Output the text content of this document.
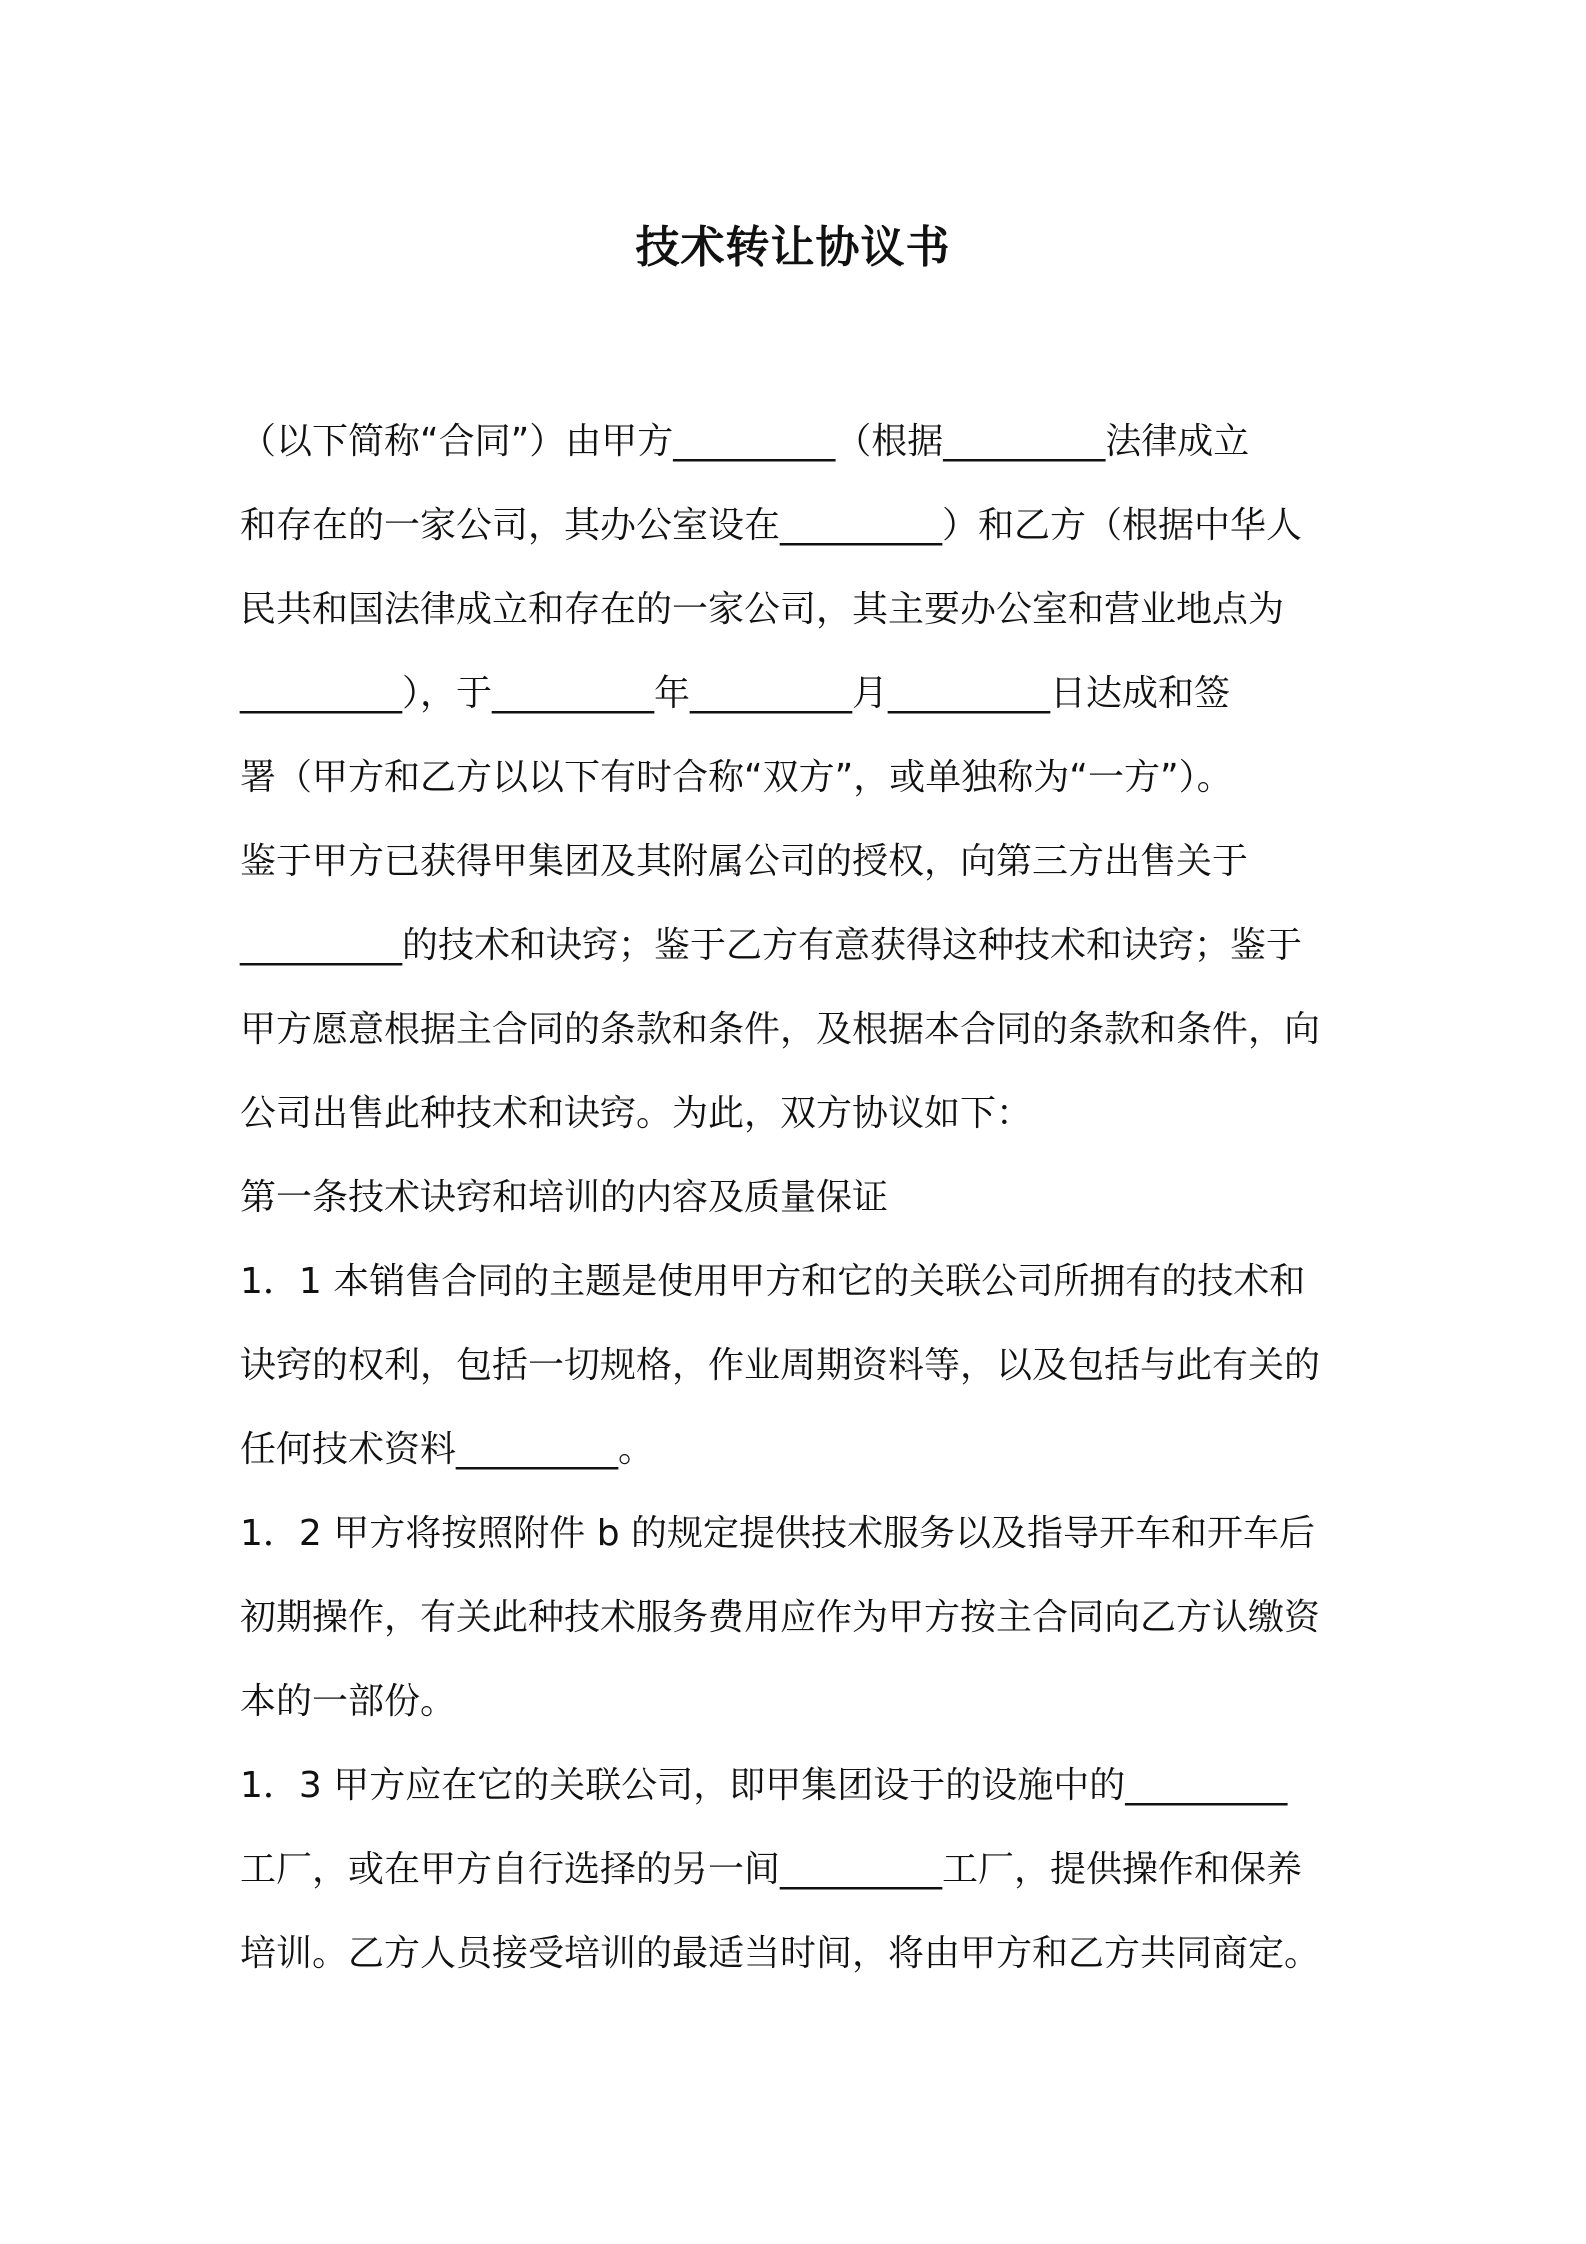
技术转让协议书

（以下简称“合同”）由甲方_________（根据_________法律成立

和存在的一家公司，其办公室设在_________）和乙方（根据中华人

民共和国法律成立和存在的一家公司，其主要办公室和营业地点为

_________），于_________年_________月_________日达成和签

署（甲方和乙方以以下有时合称“双方”，或单独称为“一方”）。

鉴于甲方已获得甲集团及其附属公司的授权，向第三方出售关于

_________的技术和诀窍；鉴于乙方有意获得这种技术和诀窍；鉴于

甲方愿意根据主合同的条款和条件，及根据本合同的条款和条件，向

公司出售此种技术和诀窍。为此，双方协议如下：

第一条技术诀窍和培训的内容及质量保证

1．1 本销售合同的主题是使用甲方和它的关联公司所拥有的技术和

诀窍的权利，包括一切规格，作业周期资料等，以及包括与此有关的

任何技术资料_________。

1．2 甲方将按照附件 b 的规定提供技术服务以及指导开车和开车后

初期操作，有关此种技术服务费用应作为甲方按主合同向乙方认缴资

本的一部份。

1．3 甲方应在它的关联公司，即甲集团设于的设施中的_________

工厂，或在甲方自行选择的另一间_________工厂，提供操作和保养

培训。乙方人员接受培训的最适当时间，将由甲方和乙方共同商定。
